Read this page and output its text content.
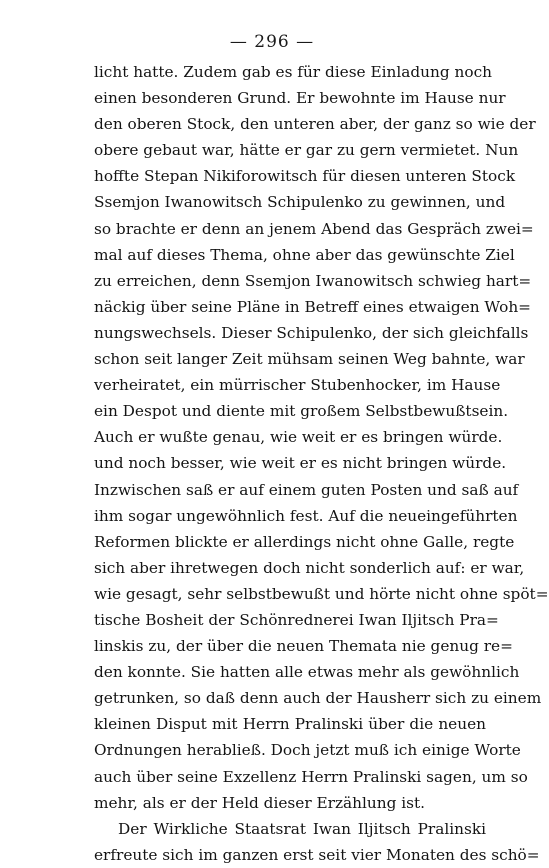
— 296 —
licht hatte. Zudem gab es für diese Einladung noch
einen besonderen Grund. Er bewohnte im Hause nur
den oberen Stock, den unteren aber, der ganz so wie der
obere gebaut war, hätte er gar zu gern vermietet. Nun
hoffte Stepan Nikiforowitsch für diesen unteren Stock
Ssemjon Iwanowitsch Schipulenko zu gewinnen, und
so brachte er denn an jenem Abend das Gespräch zwei=
mal auf dieses Thema, ohne aber das gewünschte Ziel
zu erreichen, denn Ssemjon Iwanowitsch schwieg hart=
näckig über seine Pläne in Betreff eines etwaigen Woh=
nungswechsels. Dieser Schipulenko, der sich gleichfalls
schon seit langer Zeit mühsam seinen Weg bahnte, war
verheiratet, ein mürrischer Stubenhocker, im Hause
ein Despot und diente mit großem Selbstbewußtsein.
Auch er wußte genau, wie weit er es bringen würde.
und noch besser, wie weit er es nicht bringen würde.
Inzwischen saß er auf einem guten Posten und saß auf
ihm sogar ungewöhnlich fest. Auf die neueingeführten
Reformen blickte er allerdings nicht ohne Galle, regte
sich aber ihretwegen doch nicht sonderlich auf: er war,
wie gesagt, sehr selbstbewußt und hörte nicht ohne spöt=
tische Bosheit der Schönrednerei Iwan Iljitsch Pra=
linskis zu, der über die neuen Themata nie genug re=
den konnte. Sie hatten alle etwas mehr als gewöhnlich
getrunken, so daß denn auch der Hausherr sich zu einem
kleinen Disput mit Herrn Pralinski über die neuen
Ordnungen herabließ. Doch jetzt muß ich einige Worte
auch über seine Exzellenz Herrn Pralinski sagen, um so
mehr, als er der Held dieser Erzählung ist.
Der Wirkliche Staatsrat Iwan Iljitsch Pralinski
erfreute sich im ganzen erst seit vier Monaten des schö=
